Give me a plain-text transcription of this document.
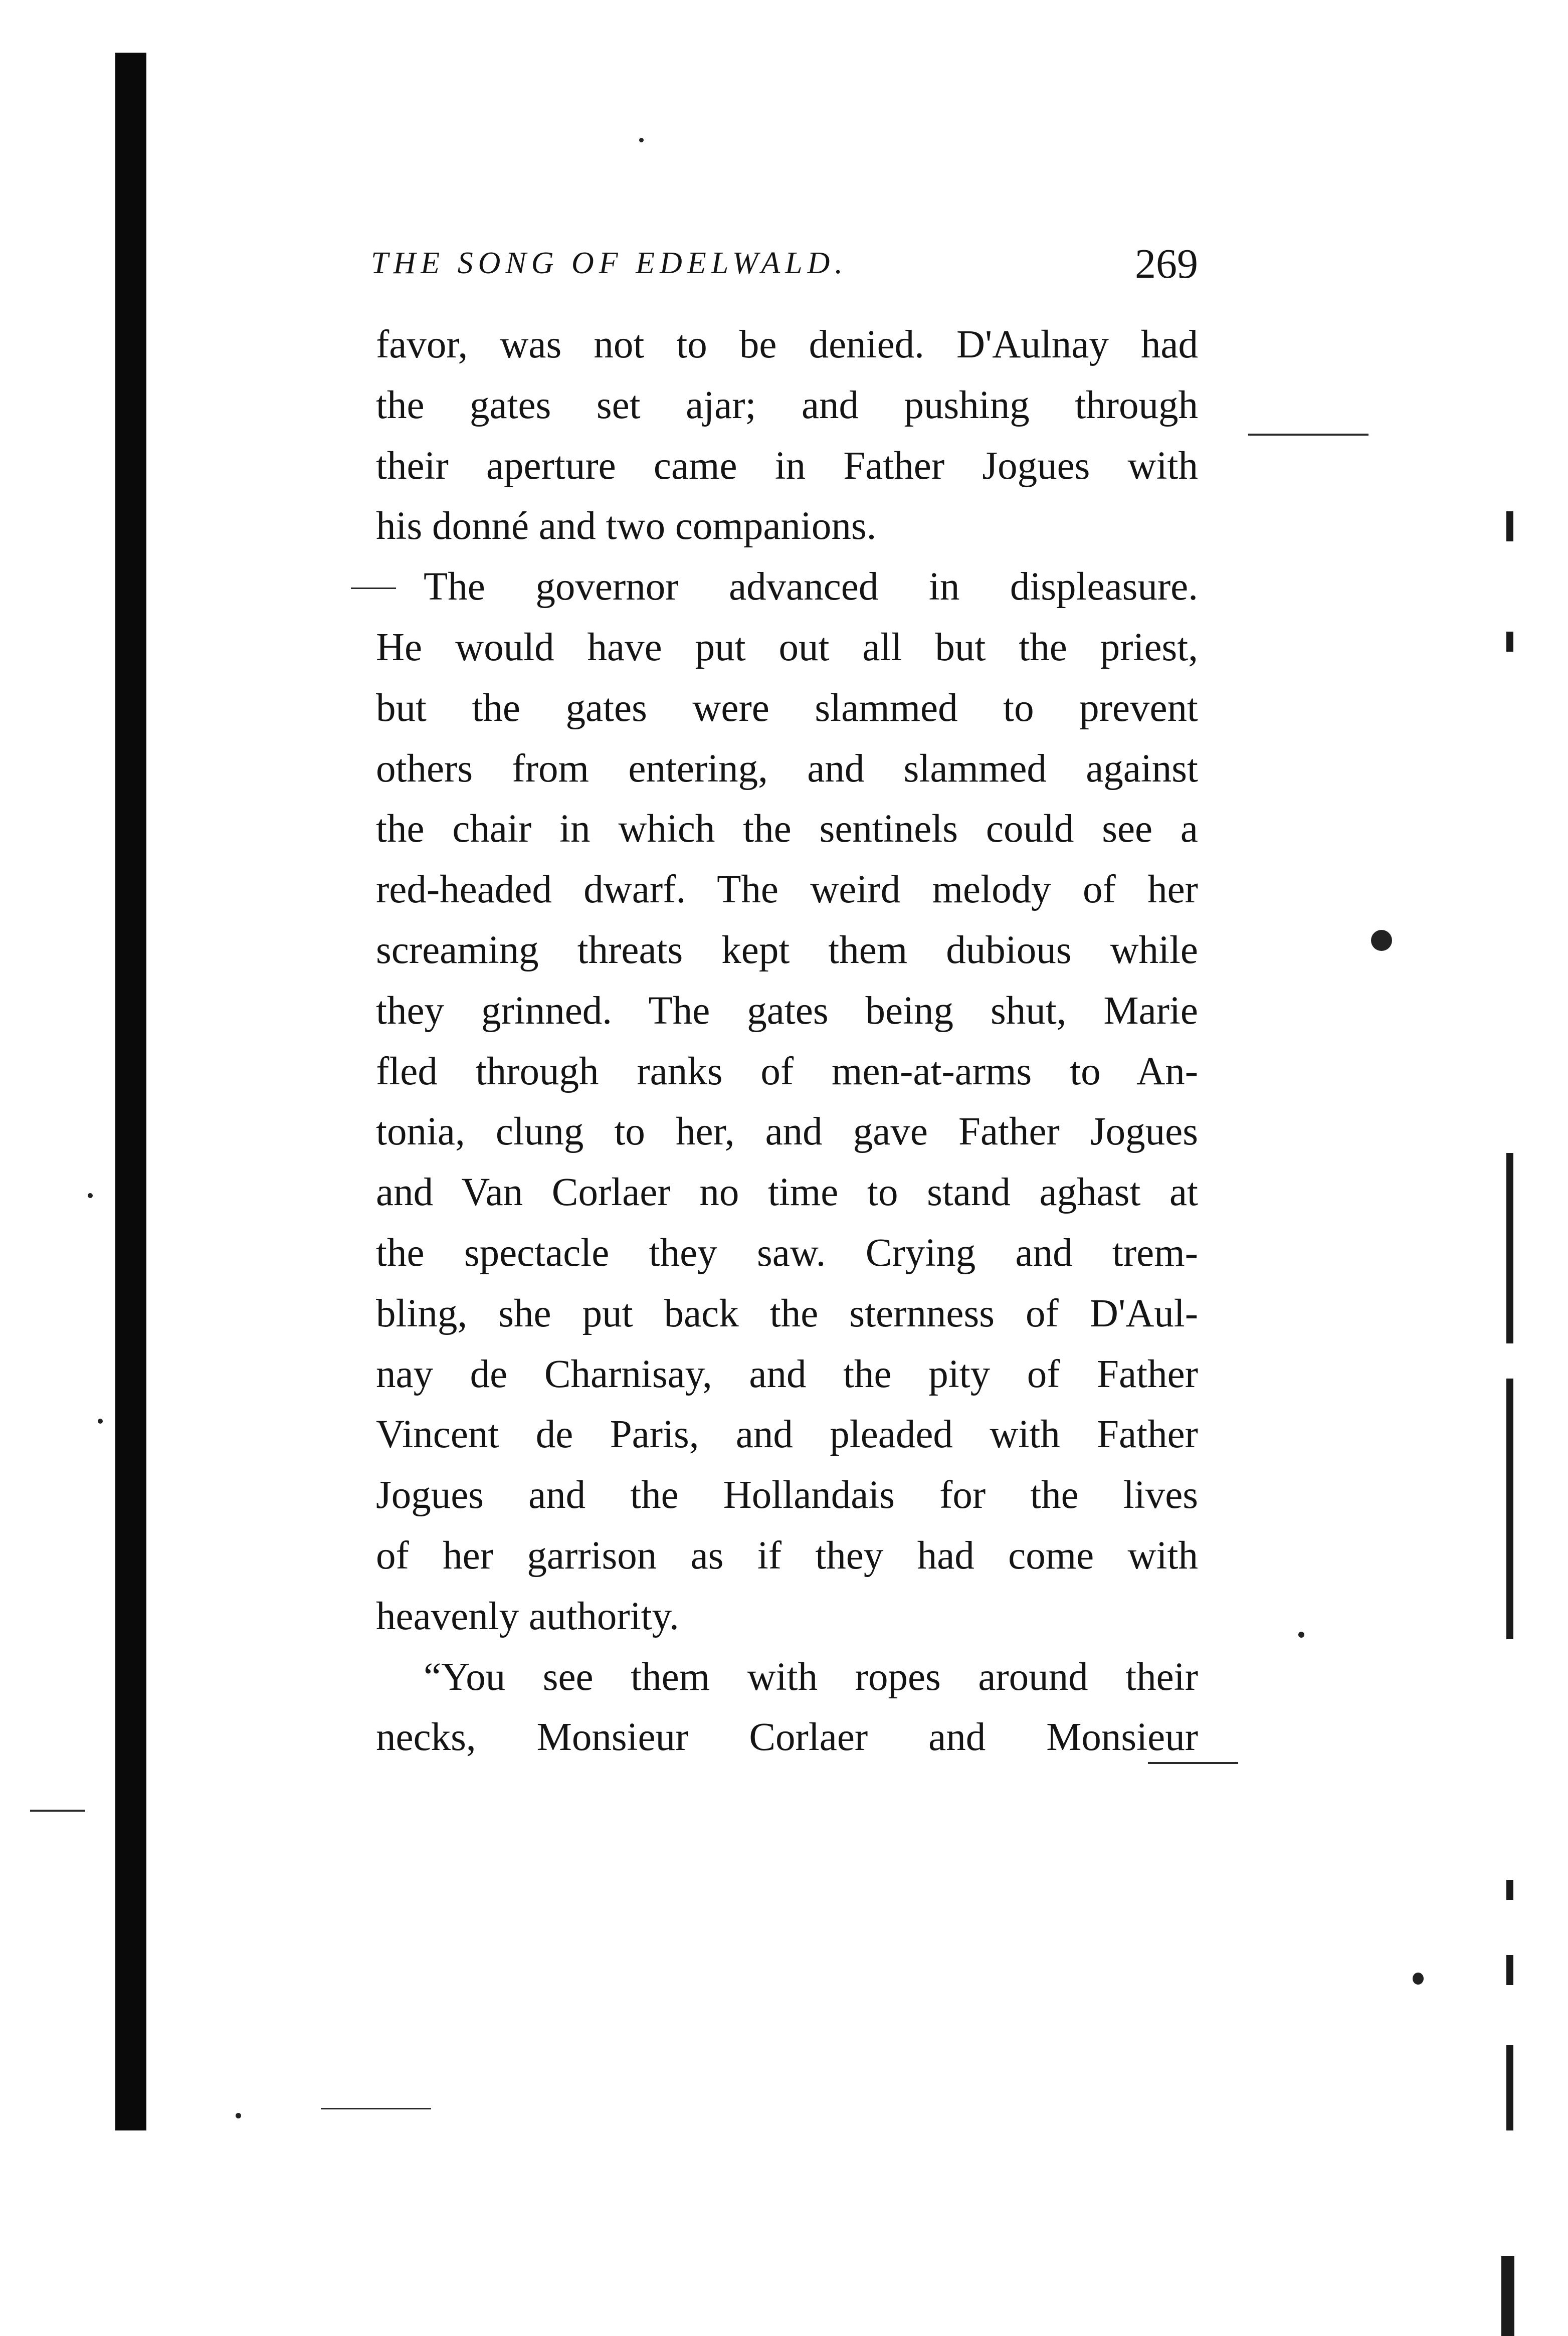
THE SONG OF EDELWALD.	269
favor, was not to be denied. D'Aulnay had
the gates set ajar; and pushing through
their aperture came in Father Jogues with
his donné and two companions.
The governor advanced in displeasure.
He would have put out all but the priest,
but the gates were slammed to prevent
others from entering, and slammed against
the chair in which the sentinels could see a
red-headed dwarf. The weird melody of her
screaming threats kept them dubious while
they grinned. The gates being shut, Marie
fled through ranks of men-at-arms to An-
tonia, clung to her, and gave Father Jogues
and Van Corlaer no time to stand aghast at
the spectacle they saw. Crying and trem-
bling, she put back the sternness of D'Aul-
nay de Charnisay, and the pity of Father
Vincent de Paris, and pleaded with Father
Jogues and the Hollandais for the lives
of her garrison as if they had come with
heavenly authority.
“You see them with ropes around their
necks, Monsieur Corlaer and Monsieur
